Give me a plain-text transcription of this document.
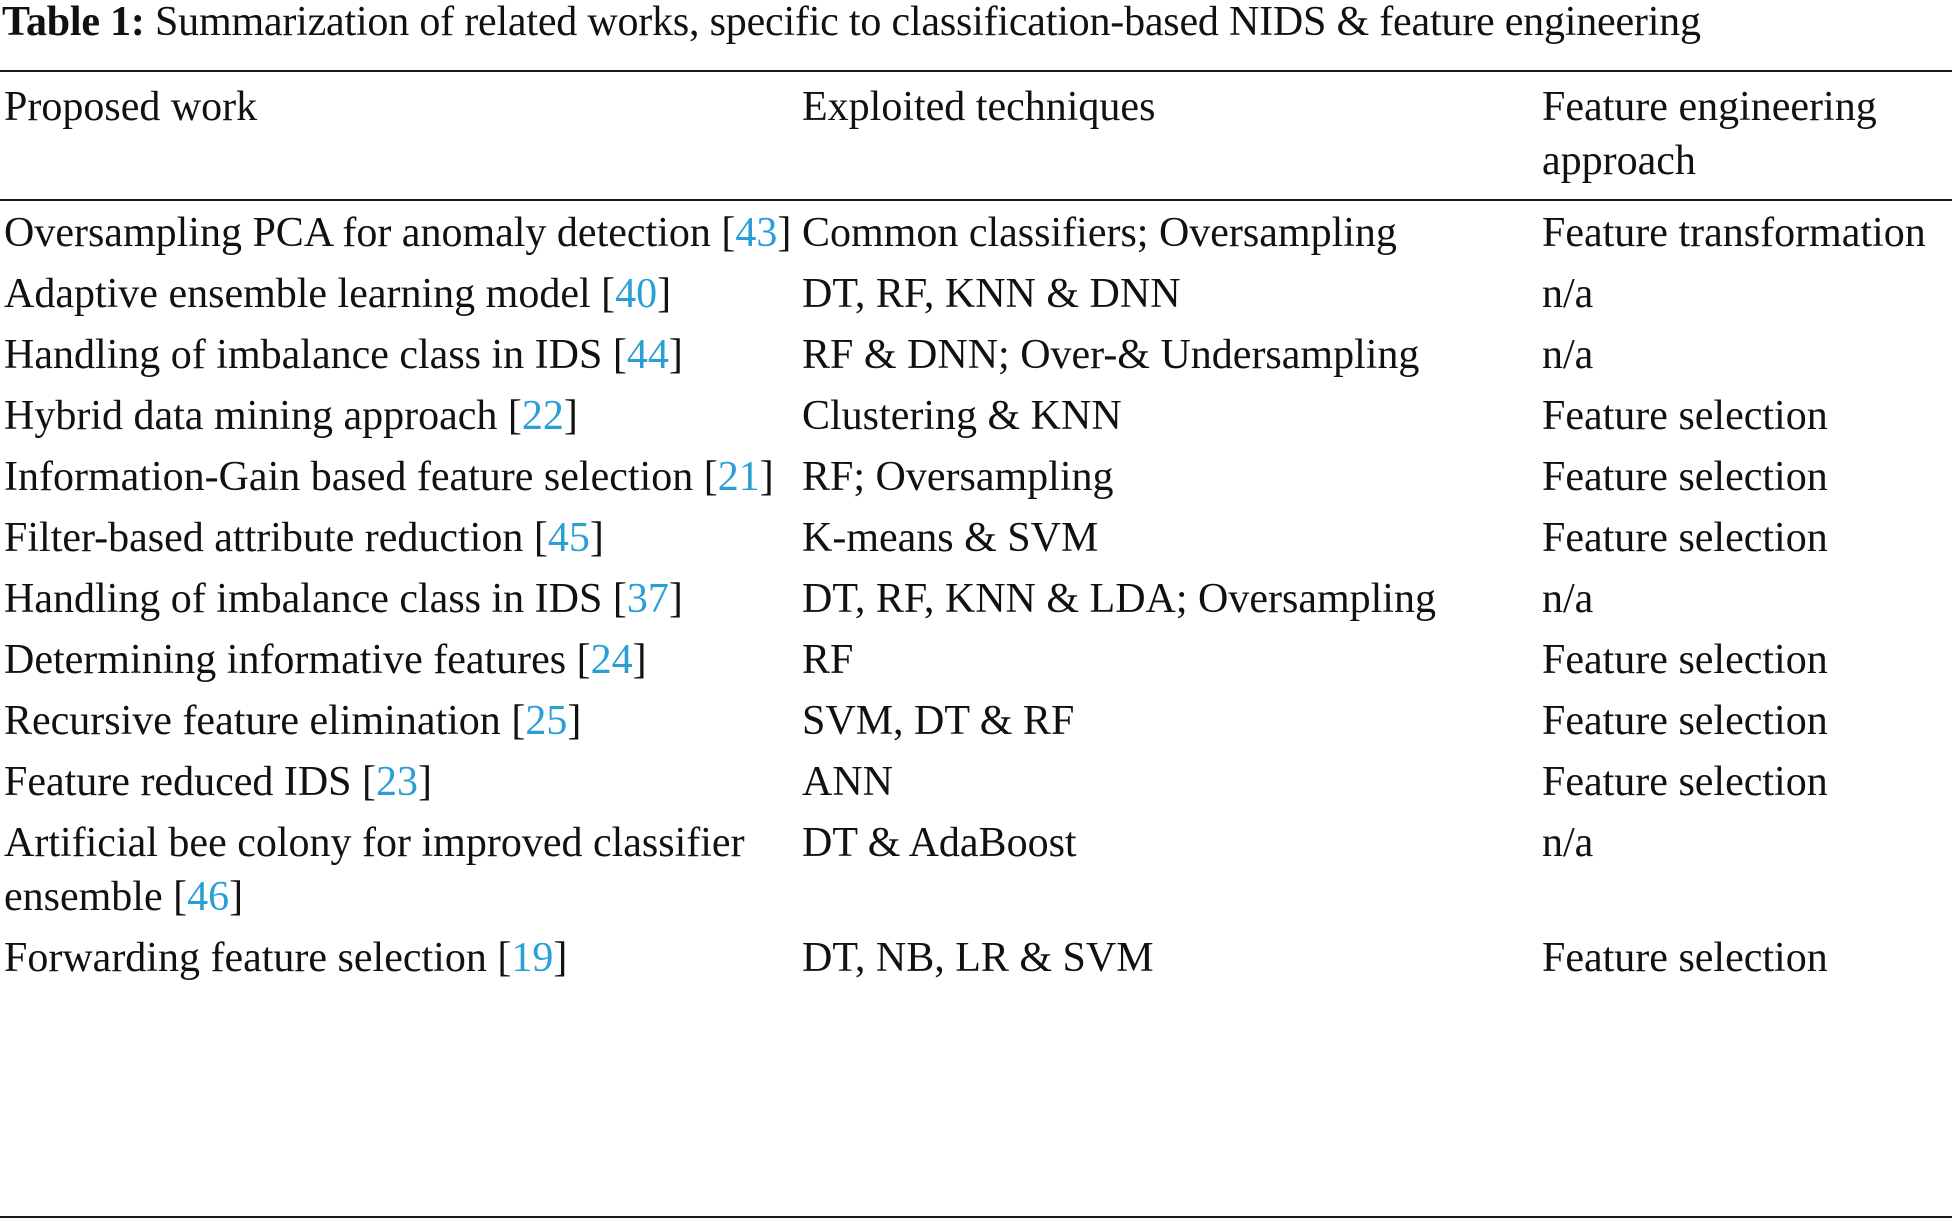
Table 1: Summarization of related works, specific to classification-based NIDS & feature engineering
Proposed work	Exploited techniques	Feature engineering approach

Oversampling PCA for anomaly detection [43]	Common classifiers; Oversampling	Feature transformation
Adaptive ensemble learning model [40]	DT, RF, KNN & DNN	n/a
Handling of imbalance class in IDS [44]	RF & DNN; Over-& Undersampling	n/a
Hybrid data mining approach [22]	Clustering & KNN	Feature selection
Information-Gain based feature selection [21]	RF; Oversampling	Feature selection
Filter-based attribute reduction [45]	K-means & SVM	Feature selection
Handling of imbalance class in IDS [37]	DT, RF, KNN & LDA; Oversampling	n/a
Determining informative features [24]	RF	Feature selection
Recursive feature elimination [25]	SVM, DT & RF	Feature selection
Feature reduced IDS [23]	ANN	Feature selection
Artificial bee colony for improved classifier ensemble [46]	DT & AdaBoost	n/a
Forwarding feature selection [19]	DT, NB, LR & SVM	Feature selection
